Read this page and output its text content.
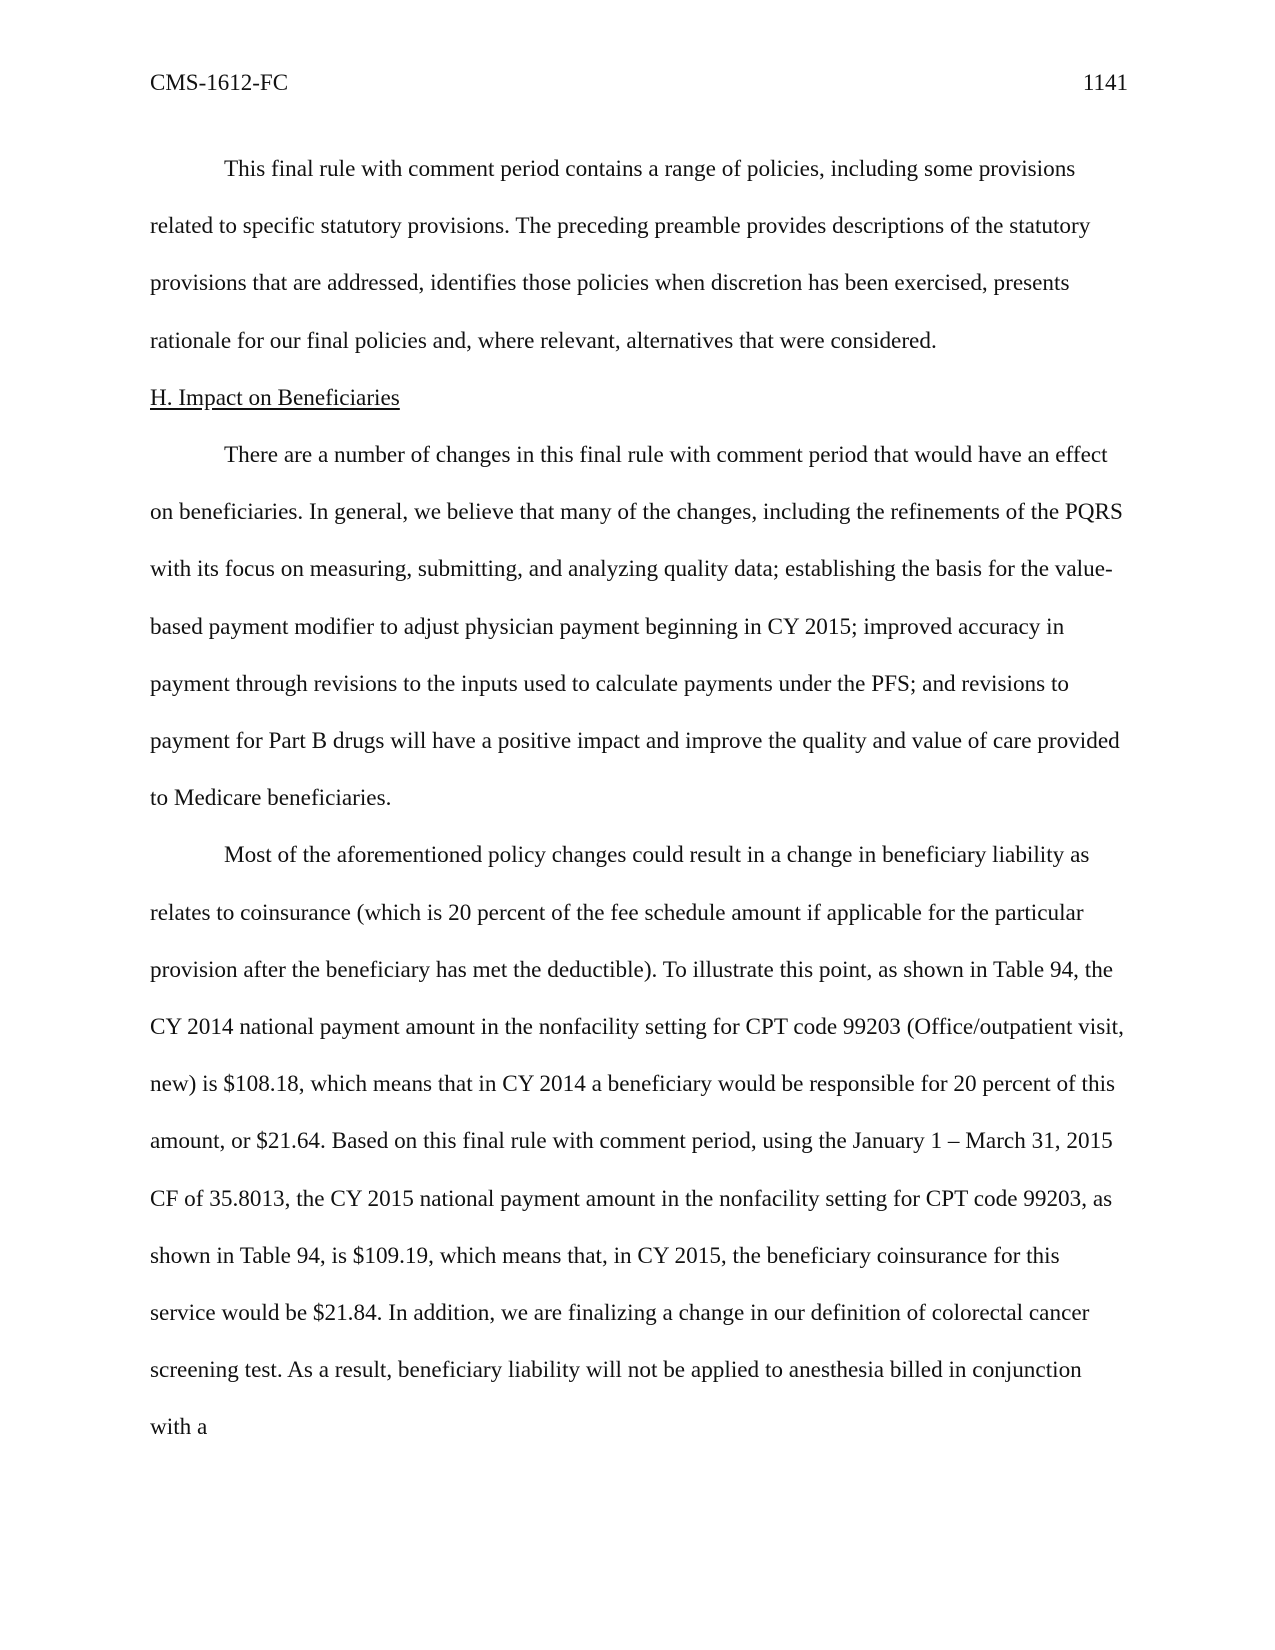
CMS-1612-FC	1141

This final rule with comment period contains a range of policies, including some provisions related to specific statutory provisions. The preceding preamble provides descriptions of the statutory provisions that are addressed, identifies those policies when discretion has been exercised, presents rationale for our final policies and, where relevant, alternatives that were considered.

H. Impact on Beneficiaries

There are a number of changes in this final rule with comment period that would have an effect on beneficiaries. In general, we believe that many of the changes, including the refinements of the PQRS with its focus on measuring, submitting, and analyzing quality data; establishing the basis for the value-based payment modifier to adjust physician payment beginning in CY 2015; improved accuracy in payment through revisions to the inputs used to calculate payments under the PFS; and revisions to payment for Part B drugs will have a positive impact and improve the quality and value of care provided to Medicare beneficiaries.

Most of the aforementioned policy changes could result in a change in beneficiary liability as relates to coinsurance (which is 20 percent of the fee schedule amount if applicable for the particular provision after the beneficiary has met the deductible). To illustrate this point, as shown in Table 94, the CY 2014 national payment amount in the nonfacility setting for CPT code 99203 (Office/outpatient visit, new) is $108.18, which means that in CY 2014 a beneficiary would be responsible for 20 percent of this amount, or $21.64. Based on this final rule with comment period, using the January 1 – March 31, 2015 CF of 35.8013, the CY 2015 national payment amount in the nonfacility setting for CPT code 99203, as shown in Table 94, is $109.19, which means that, in CY 2015, the beneficiary coinsurance for this service would be $21.84. In addition, we are finalizing a change in our definition of colorectal cancer screening test. As a result, beneficiary liability will not be applied to anesthesia billed in conjunction with a
